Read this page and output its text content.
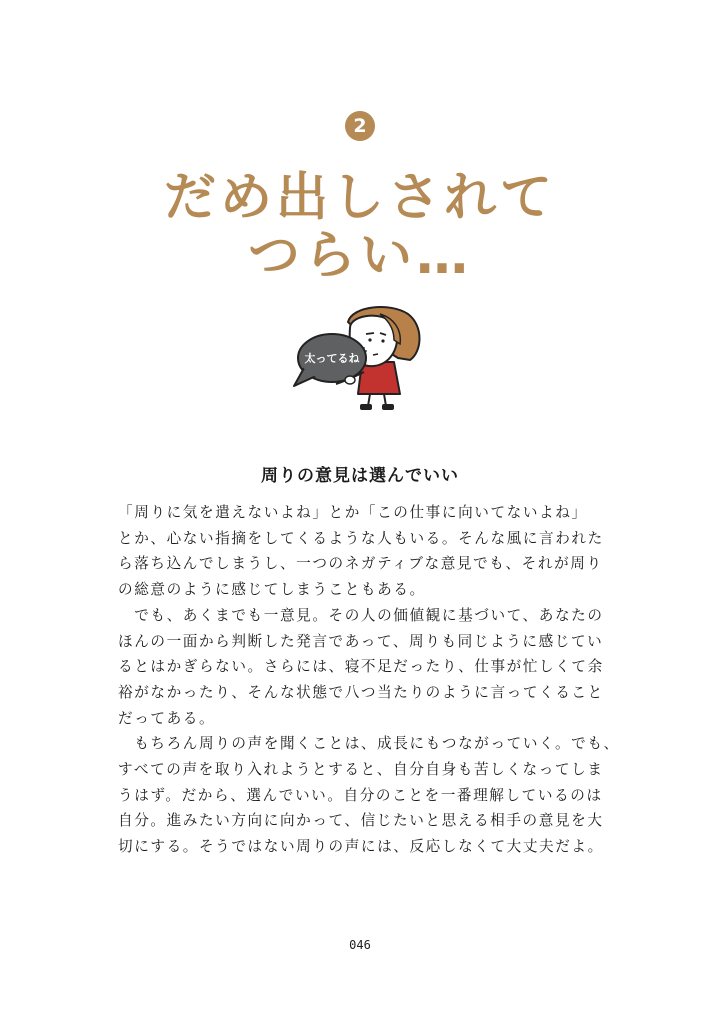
2
だめ出しされて
つらい…
太ってるね
周りの意見は選んでいい

「周りに気を遣えないよね」とか「この仕事に向いてないよね」

とか、心ない指摘をしてくるような人もいる。そんな風に言われた

ら落ち込んでしまうし、一つのネガティブな意見でも、それが周り

の総意のように感じてしまうこともある。

　でも、あくまでも一意見。その人の価値観に基づいて、あなたの

ほんの一面から判断した発言であって、周りも同じように感じてい

るとはかぎらない。さらには、寝不足だったり、仕事が忙しくて余

裕がなかったり、そんな状態で八つ当たりのように言ってくること

だってある。

　もちろん周りの声を聞くことは、成長にもつながっていく。でも、

すべての声を取り入れようとすると、自分自身も苦しくなってしま

うはず。だから、選んでいい。自分のことを一番理解しているのは

自分。進みたい方向に向かって、信じたいと思える相手の意見を大

切にする。そうではない周りの声には、反応しなくて大丈夫だよ。

046
